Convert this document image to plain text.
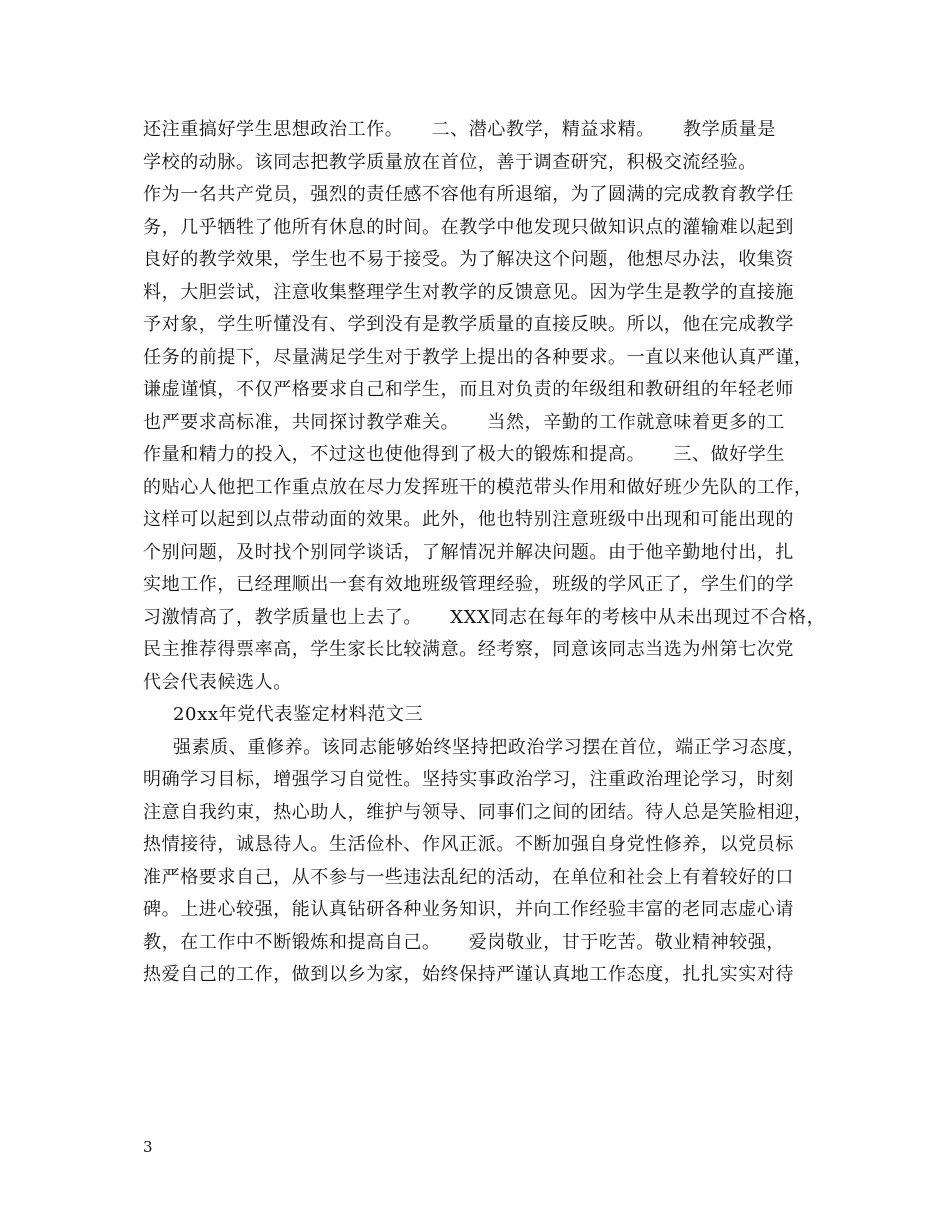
还注重搞好学生思想政治工作。　　二、潜心教学，精益求精。　　教学质量是
学校的动脉。该同志把教学质量放在首位，善于调查研究，积极交流经验。
作为一名共产党员，强烈的责任感不容他有所退缩，为了圆满的完成教育教学任
务，几乎牺牲了他所有休息的时间。在教学中他发现只做知识点的灌输难以起到
良好的教学效果，学生也不易于接受。为了解决这个问题，他想尽办法，收集资
料，大胆尝试，注意收集整理学生对教学的反馈意见。因为学生是教学的直接施
予对象，学生听懂没有、学到没有是教学质量的直接反映。所以，他在完成教学
任务的前提下，尽量满足学生对于教学上提出的各种要求。一直以来他认真严谨，
谦虚谨慎，不仅严格要求自己和学生，而且对负责的年级组和教研组的年轻老师
也严要求高标准，共同探讨教学难关。　　当然，辛勤的工作就意味着更多的工
作量和精力的投入，不过这也使他得到了极大的锻炼和提高。　　三、做好学生
的贴心人他把工作重点放在尽力发挥班干的模范带头作用和做好班少先队的工作，
这样可以起到以点带动面的效果。此外，他也特别注意班级中出现和可能出现的
个别问题，及时找个别同学谈话，了解情况并解决问题。由于他辛勤地付出，扎
实地工作，已经理顺出一套有效地班级管理经验，班级的学风正了，学生们的学
习激情高了，教学质量也上去了。　　XXX同志在每年的考核中从未出现过不合格，
民主推荐得票率高，学生家长比较满意。经考察，同意该同志当选为州第七次党
代会代表候选人。

20xx年党代表鉴定材料范文三

强素质、重修养。该同志能够始终坚持把政治学习摆在首位，端正学习态度，
明确学习目标，增强学习自觉性。坚持实事政治学习，注重政治理论学习，时刻
注意自我约束，热心助人，维护与领导、同事们之间的团结。待人总是笑脸相迎，
热情接待，诚恳待人。生活俭朴、作风正派。不断加强自身党性修养，以党员标
准严格要求自己，从不参与一些违法乱纪的活动，在单位和社会上有着较好的口
碑。上进心较强，能认真钻研各种业务知识，并向工作经验丰富的老同志虚心请
教，在工作中不断锻炼和提高自己。　　爱岗敬业，甘于吃苦。敬业精神较强，
热爱自己的工作，做到以乡为家，始终保持严谨认真地工作态度，扎扎实实对待

3
